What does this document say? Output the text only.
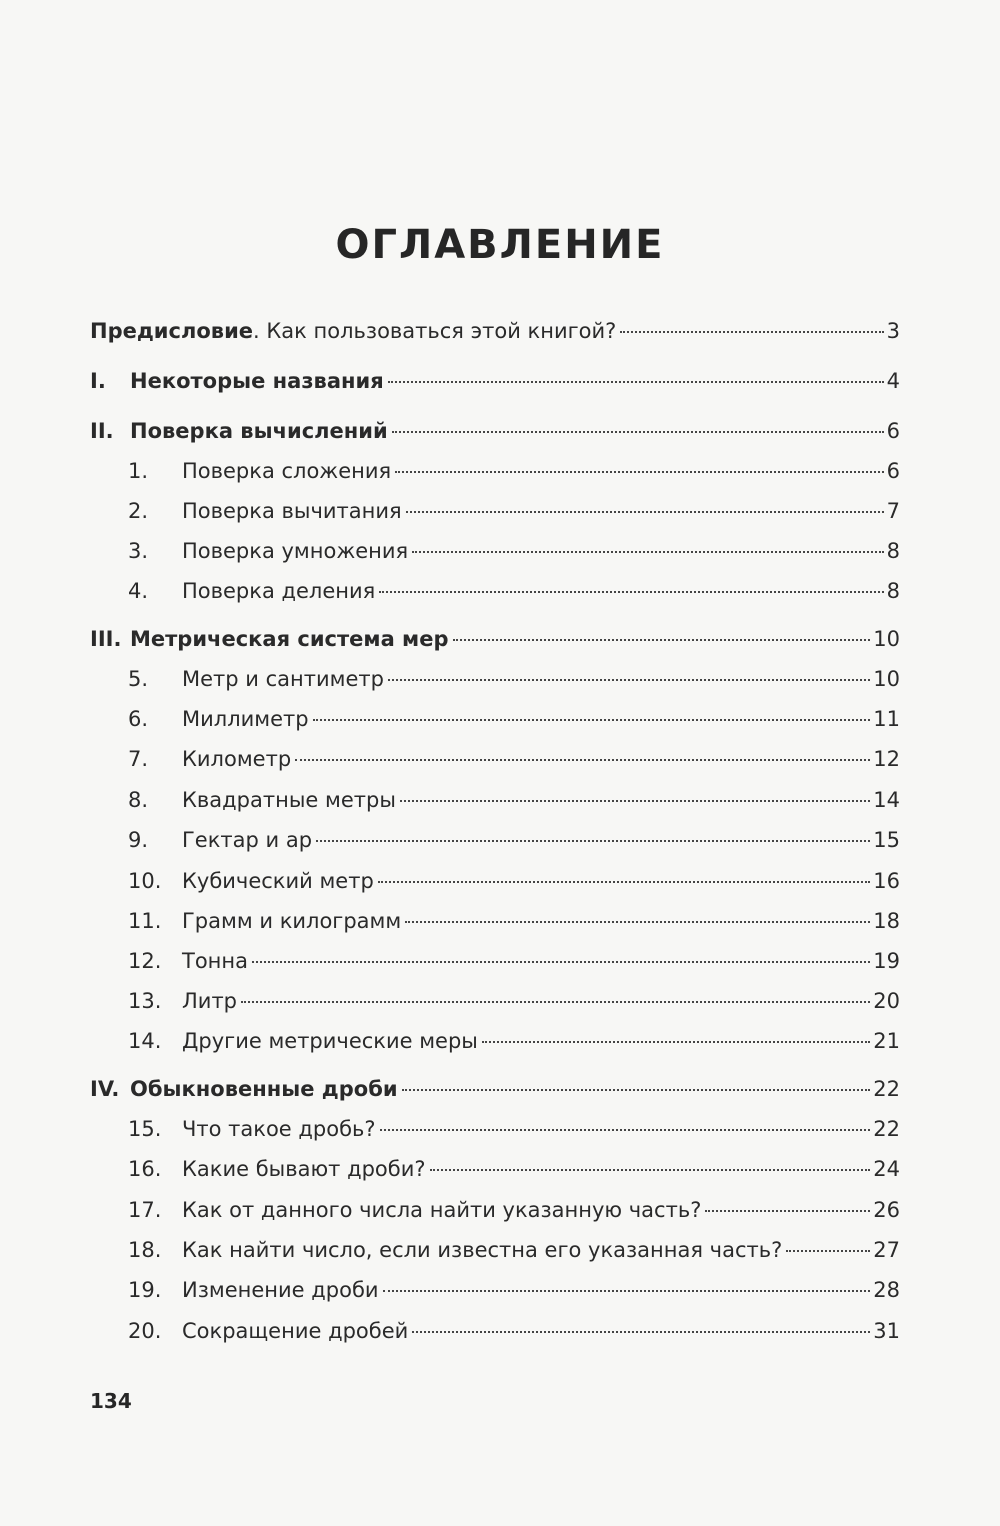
ОГЛАВЛЕНИЕ
Предисловие. Как пользоваться этой книгой?	3
I.	Некоторые названия	4
II. Поверка вычислений	6
1.	Поверка сложения	6
2.	Поверка вычитания	7
3.	Поверка умножения	8
4.	Поверка деления	8
III. Метрическая система мер	10
5.	Метр и сантиметр	10
6.	Миллиметр	11
7.	Километр	12
8.	Квадратные метры	14
9.	Гектар и ар	15
10. Кубический метр	16
11. Грамм и килограмм	18
12. Тонна	19
13. Литр	20
14. Другие метрические меры	21
IV. Обыкновенные дроби	22
15. Что такое дробь?	22
16. Какие бывают дроби?	24
17. Как от данного числа найти указанную часть?	26
18. Как найти число, если известна его указанная часть?	27
19. Изменение дроби	28
20. Сокращение дробей	31
134
